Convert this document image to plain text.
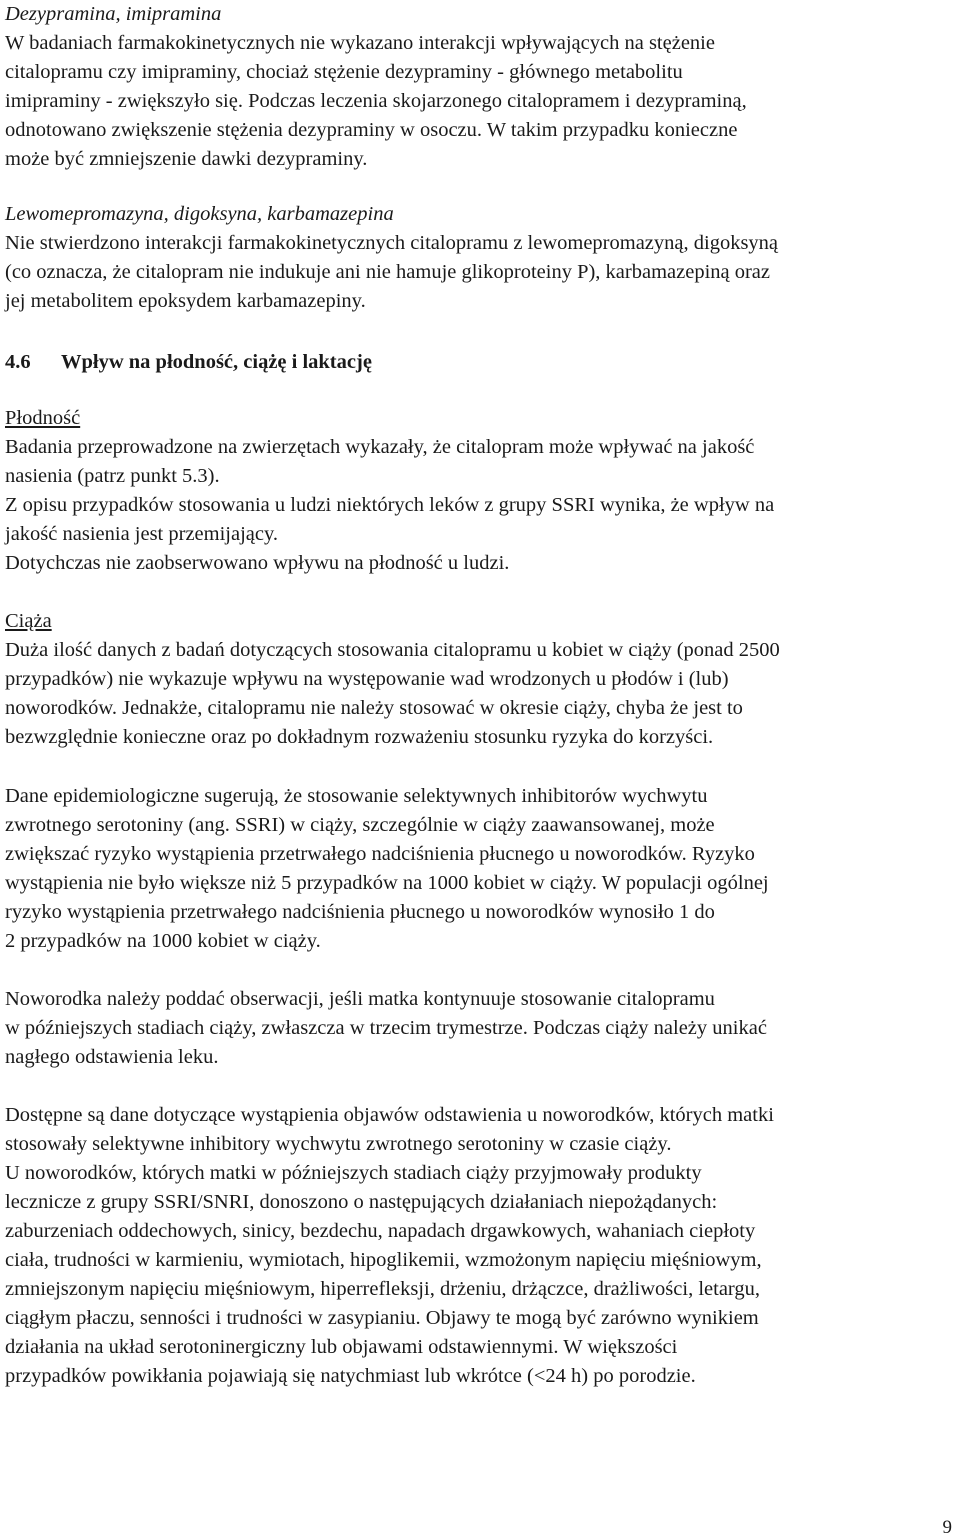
Dezypramina, imipramina
W badaniach farmakokinetycznych nie wykazano interakcji wpływających na stężenie
citalopramu czy imipraminy, chociaż stężenie dezypraminy - głównego metabolitu
imipraminy - zwiększyło się. Podczas leczenia skojarzonego citalopramem i dezypraminą,
odnotowano zwiększenie stężenia dezypraminy w osoczu. W takim przypadku konieczne
może być zmniejszenie dawki dezypraminy.
Lewomepromazyna, digoksyna, karbamazepina
Nie stwierdzono interakcji farmakokinetycznych citalopramu z lewomepromazyną, digoksyną
(co oznacza, że citalopram nie indukuje ani nie hamuje glikoproteiny P), karbamazepiną oraz
jej metabolitem epoksydem karbamazepiny.
4.6 Wpływ na płodność, ciążę i laktację
Płodność
Badania przeprowadzone na zwierzętach wykazały, że citalopram może wpływać na jakość
nasienia (patrz punkt 5.3).
Z opisu przypadków stosowania u ludzi niektórych leków z grupy SSRI wynika, że wpływ na
jakość nasienia jest przemijający.
Dotychczas nie zaobserwowano wpływu na płodność u ludzi.
Ciąża
Duża ilość danych z badań dotyczących stosowania citalopramu u kobiet w ciąży (ponad 2500
przypadków) nie wykazuje wpływu na występowanie wad wrodzonych u płodów i (lub)
noworodków. Jednakże, citalopramu nie należy stosować w okresie ciąży, chyba że jest to
bezwzględnie konieczne oraz po dokładnym rozważeniu stosunku ryzyka do korzyści.
Dane epidemiologiczne sugerują, że stosowanie selektywnych inhibitorów wychwytu
zwrotnego serotoniny (ang. SSRI) w ciąży, szczególnie w ciąży zaawansowanej, może
zwiększać ryzyko wystąpienia przetrwałego nadciśnienia płucnego u noworodków. Ryzyko
wystąpienia nie było większe niż 5 przypadków na 1000 kobiet w ciąży. W populacji ogólnej
ryzyko wystąpienia przetrwałego nadciśnienia płucnego u noworodków wynosiło 1 do
2 przypadków na 1000 kobiet w ciąży.
Noworodka należy poddać obserwacji, jeśli matka kontynuuje stosowanie citalopramu
w późniejszych stadiach ciąży, zwłaszcza w trzecim trymestrze. Podczas ciąży należy unikać
nagłego odstawienia leku.
Dostępne są dane dotyczące wystąpienia objawów odstawienia u noworodków, których matki
stosowały selektywne inhibitory wychwytu zwrotnego serotoniny w czasie ciąży.
U noworodków, których matki w późniejszych stadiach ciąży przyjmowały produkty
lecznicze z grupy SSRI/SNRI, donoszono o następujących działaniach niepożądanych:
zaburzeniach oddechowych, sinicy, bezdechu, napadach drgawkowych, wahaniach ciepłoty
ciała, trudności w karmieniu, wymiotach, hipoglikemii, wzmożonym napięciu mięśniowym,
zmniejszonym napięciu mięśniowym, hiperrefleksji, drżeniu, drżączce, drażliwości, letargu,
ciągłym płaczu, senności i trudności w zasypianiu. Objawy te mogą być zarówno wynikiem
działania na układ serotoninergiczny lub objawami odstawiennymi. W większości
przypadków powikłania pojawiają się natychmiast lub wkrótce (<24 h) po porodzie.
9
